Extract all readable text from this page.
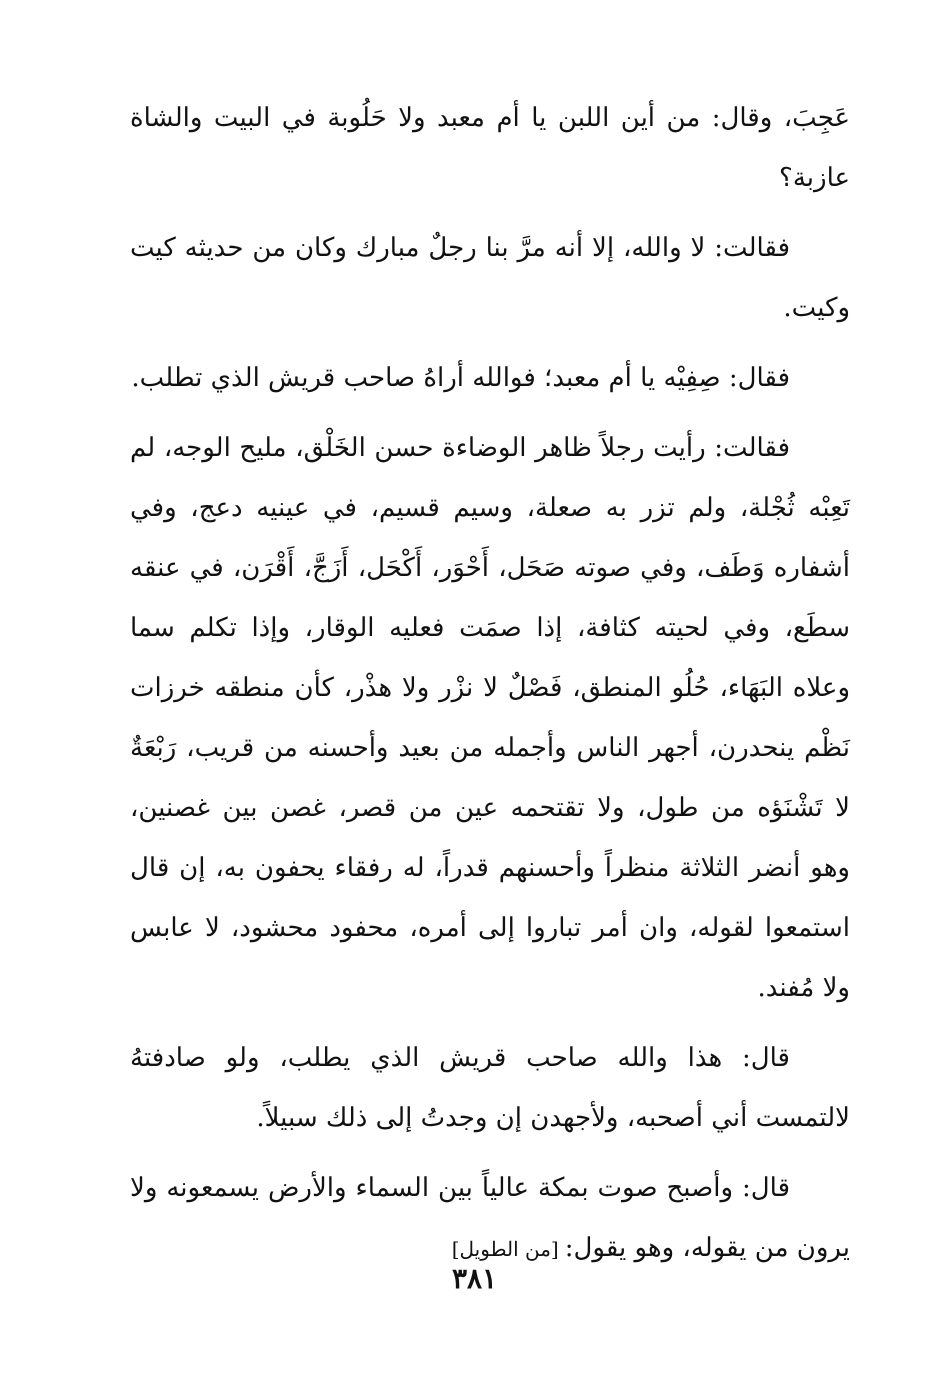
عَجِبَ، وقال: من أين اللبن يا أم معبد ولا حَلُوبة في البيت والشاة عازبة؟

فقالت: لا والله، إلا أنه مرَّ بنا رجلٌ مبارك وكان من حديثه كيت وكيت.

فقال: صِفِيْه يا أم معبد؛ فوالله أراهُ صاحب قريش الذي تطلب.

فقالت: رأيت رجلاً ظاهر الوضاءة حسن الخَلْق، مليح الوجه، لم تَعِبْه ثُجْلة، ولم تزر به صعلة، وسيم قسيم، في عينيه دعج، وفي أشفاره وَطَف، وفي صوته صَحَل، أَحْوَر، أَكْحَل، أَزَجَّ، أَقْرَن، في عنقه سطَع، وفي لحيته كثافة، إذا صمَت فعليه الوقار، وإذا تكلم سما وعلاه البَهَاء، حُلُو المنطق، فَصْلٌ لا نزْر ولا هذْر، كأن منطقه خرزات نَظْم ينحدرن، أجهر الناس وأجمله من بعيد وأحسنه من قريب، رَبْعَةٌ لا تَشْنَؤه من طول، ولا تقتحمه عين من قصر، غصن بين غصنين، وهو أنضر الثلاثة منظراً وأحسنهم قدراً، له رفقاء يحفون به، إن قال استمعوا لقوله، وان أمر تباروا إلى أمره، محفود محشود، لا عابس ولا مُفند.

قال: هذا والله صاحب قريش الذي يطلب، ولو صادفتهُ لالتمست أني أصحبه، ولأجهدن إن وجدتُ إلى ذلك سبيلاً.

قال: وأصبح صوت بمكة عالياً بين السماء والأرض يسمعونه ولا يرون من يقوله، وهو يقول:[من الطويل]

٣٨١
